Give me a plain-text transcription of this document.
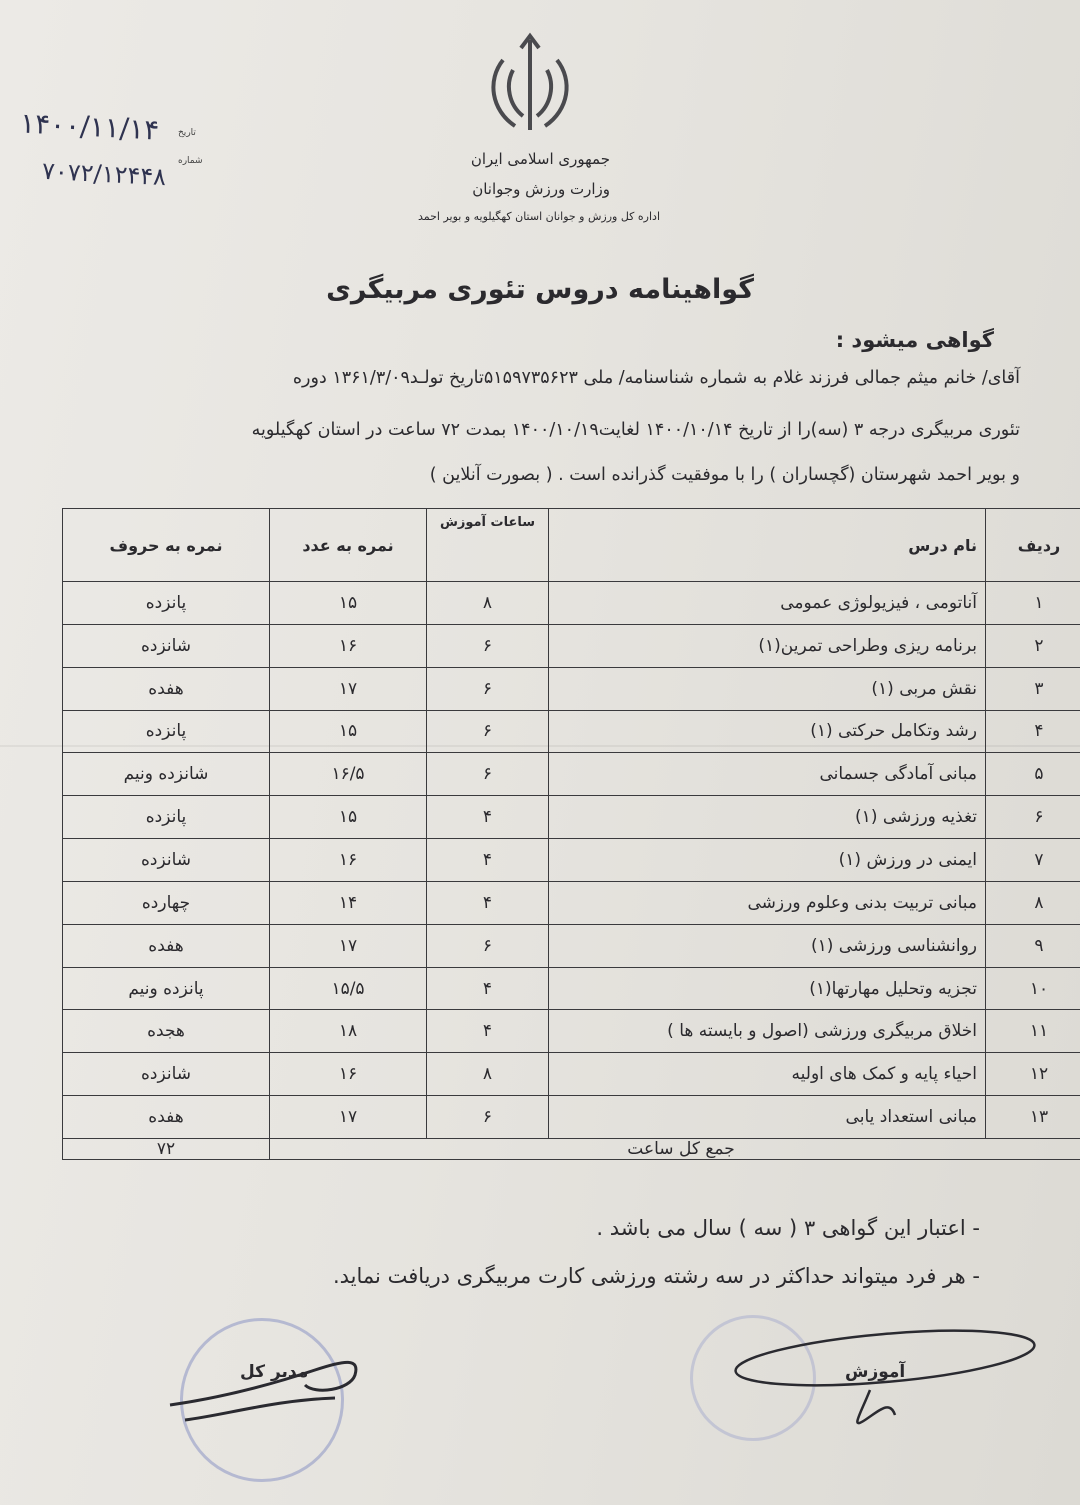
جمهوری اسلامی ایران
وزارت ورزش وجوانان
اداره کل ورزش و جوانان استان کهگیلویه و بویر احمد
۱۴۰۰/۱۱/۱۴
۷۰۷۲/۱۲۴۴۸
تاریخ
شماره
گواهینامه دروس تئوری مربیگری
گواهی میشود :
آقای/ خانم میثم جمالی فرزند غلام به شماره شناسنامه/ ملی ۵۱۵۹۷۳۵۶۲۳تاریخ تولـد۱۳۶۱/۳/۰۹ دوره
تئوری مربیگری درجه ۳ (سه)را از تاریخ ۱۴۰۰/۱۰/۱۴ لغایت۱۴۰۰/۱۰/۱۹ بمدت ۷۲ ساعت در استان کهگیلویه
و بویر احمد شهرستان (گچساران ) را با موفقیت گذرانده است . ( بصورت آنلاین )
ردیف	نام درس	ساعات آموزش	نمره به عدد	نمره به حروف
۱	آناتومی ، فیزیولوژی عمومی	۸	۱۵	پانزده
۲	برنامه ریزی وطراحی تمرین(۱)	۶	۱۶	شانزده
۳	نقش مربی (۱)	۶	۱۷	هفده
۴	رشد وتکامل حرکتی (۱)	۶	۱۵	پانزده
۵	مبانی آمادگی جسمانی	۶	۱۶/۵	شانزده ونیم
۶	تغذیه ورزشی (۱)	۴	۱۵	پانزده
۷	ایمنی در ورزش (۱)	۴	۱۶	شانزده
۸	مبانی تربیت بدنی وعلوم ورزشی	۴	۱۴	چهارده
۹	روانشناسی ورزشی (۱)	۶	۱۷	هفده
۱۰	تجزیه وتحلیل مهارتها(۱)	۴	۱۵/۵	پانزده ونیم
۱۱	اخلاق مربیگری ورزشی (اصول و بایسته ها )	۴	۱۸	هجده
۱۲	احیاء پایه و کمک های اولیه	۸	۱۶	شانزده
۱۳	مبانی استعداد یابی	۶	۱۷	هفده
جمع کل ساعت				۷۲
- اعتبار این گواهی ۳ ( سه ) سال می باشد .
- هر فرد میتواند حداکثر در سه رشته ورزشی کارت مربیگری دریافت نماید.
مدیر کل	آموزش
